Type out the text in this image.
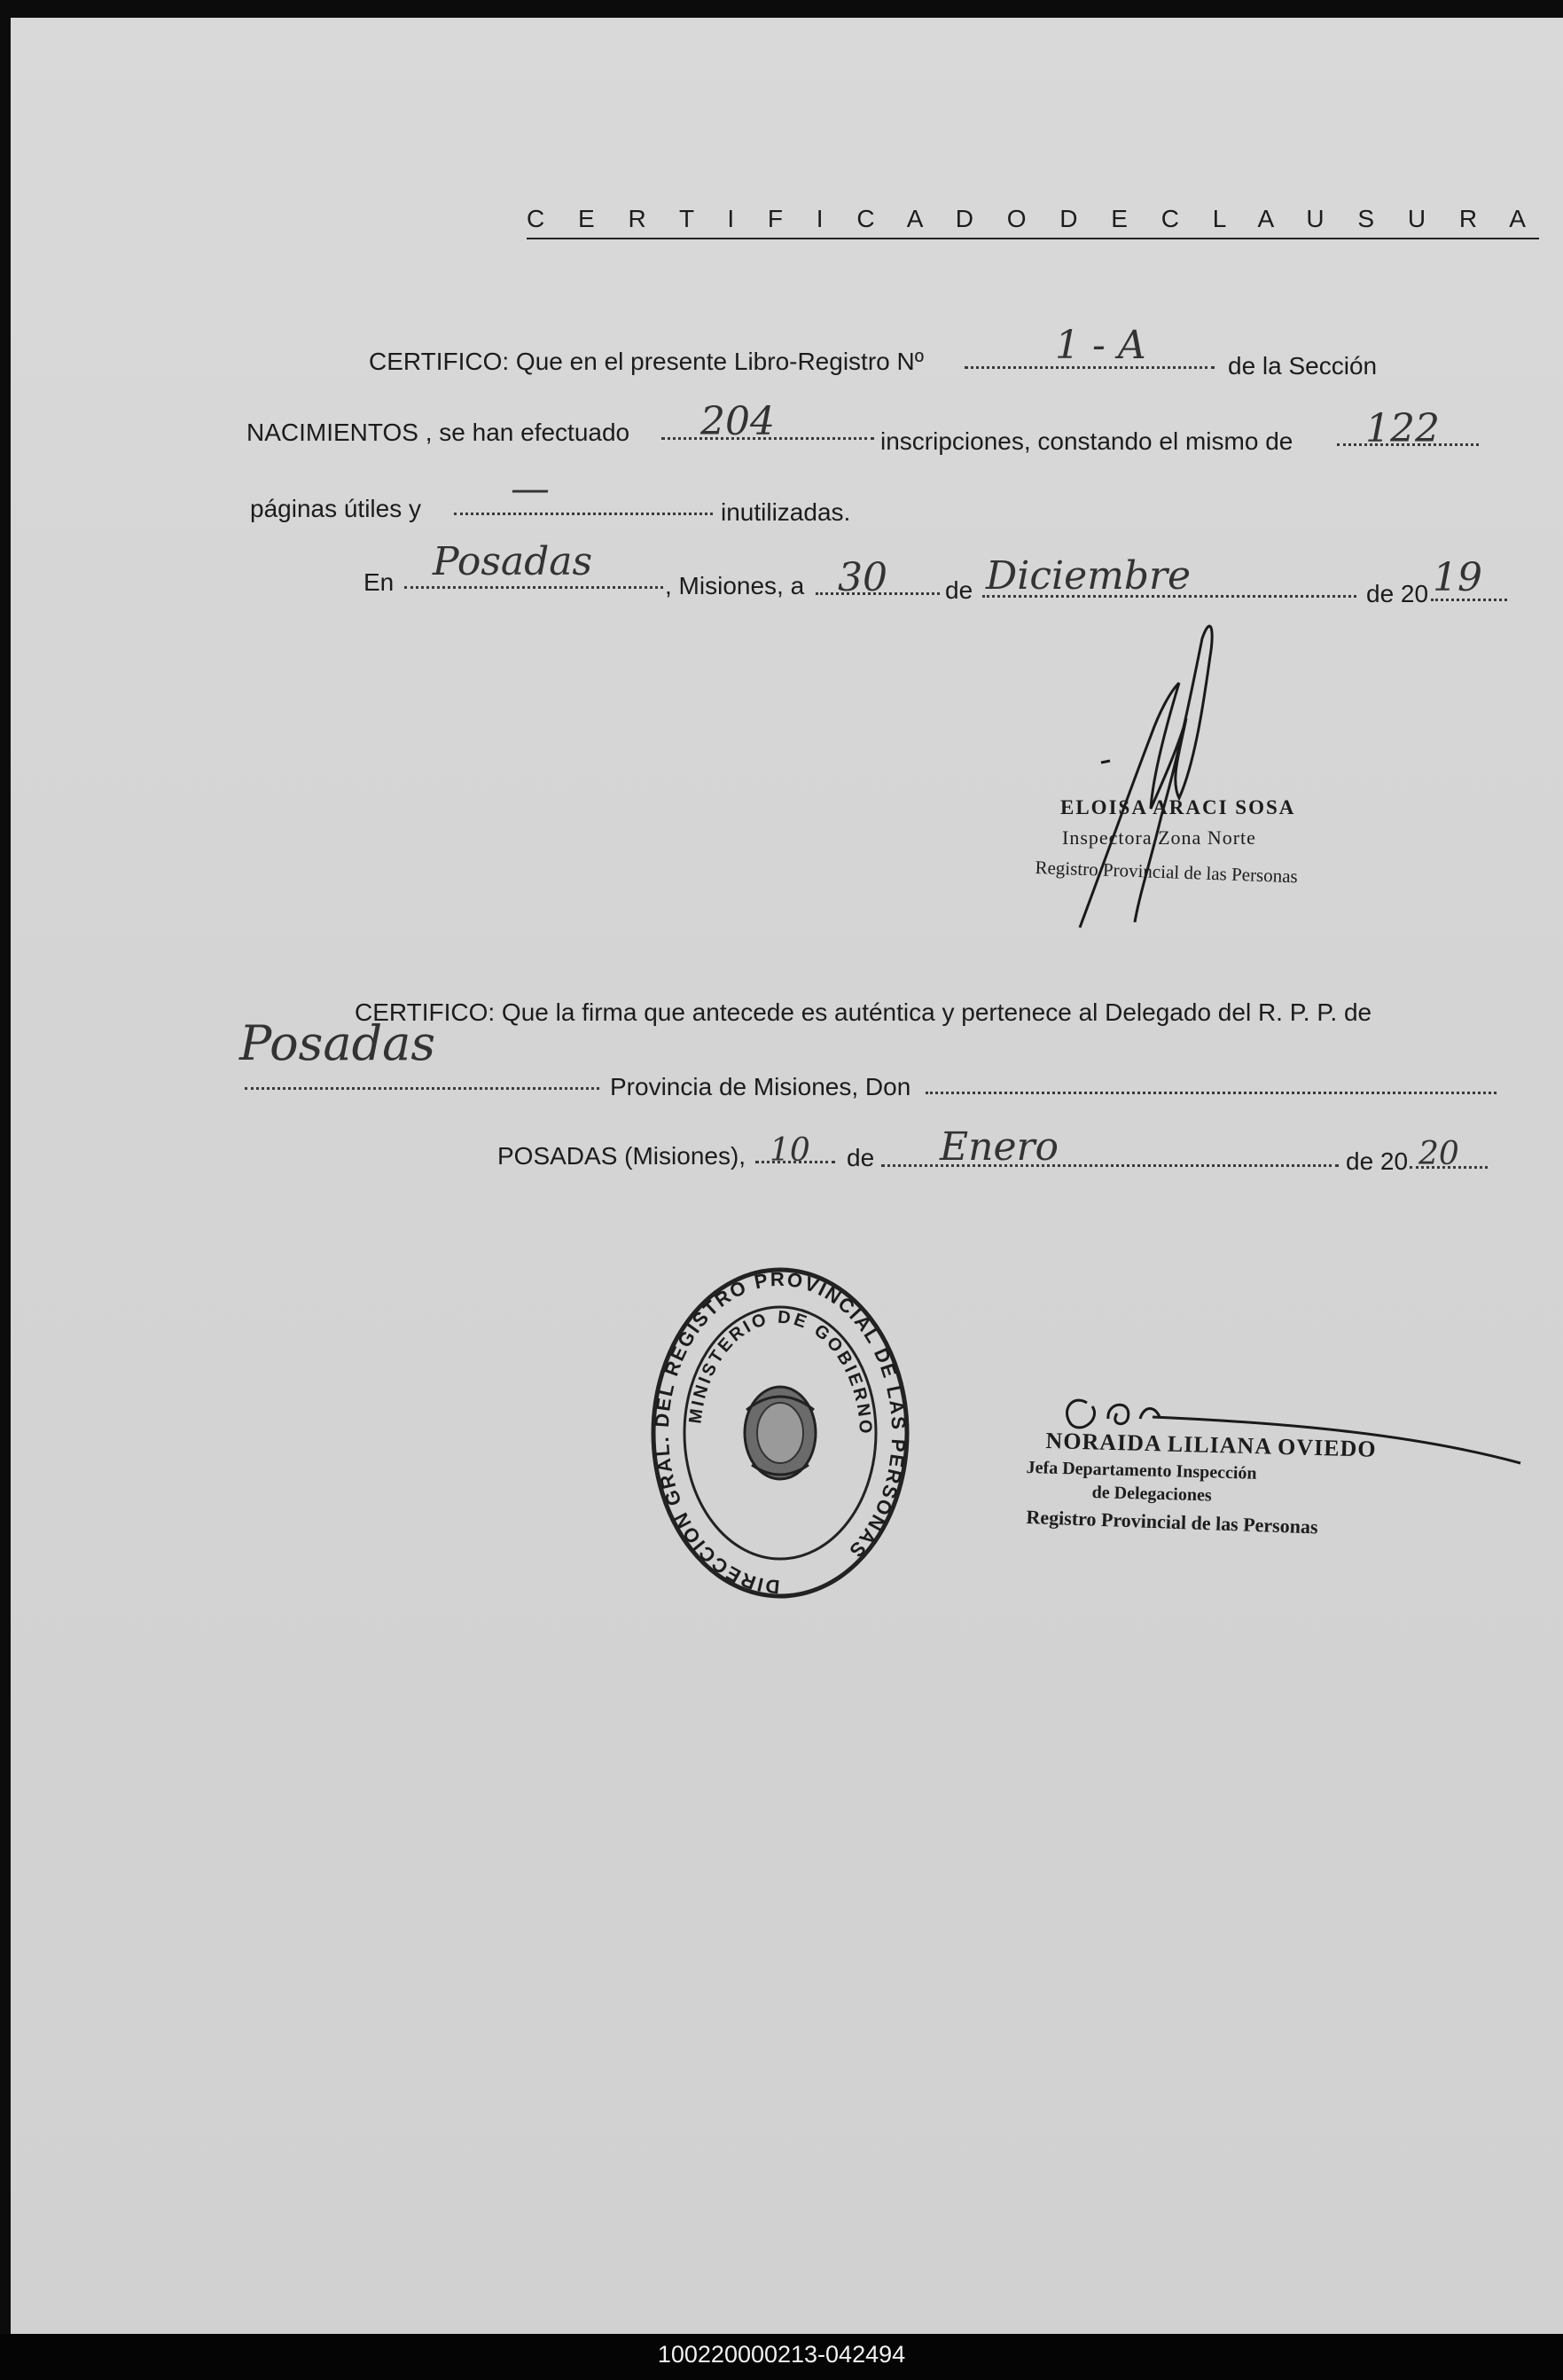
C E R T I F I C A D O D E C L A U S U R A
CERTIFICO: Que en el presente Libro-Registro Nº	1 - A	de la Sección
NACIMIENTOS , se han efectuado 204	inscripciones, constando el mismo de 122
páginas útiles y —
inutilizadas.
En Posadas
, Misiones, a 30 de Diciembre	de 20 19
ELOISA ARACI SOSA
Inspectora Zona Norte
Registro Provincial de las Personas
CERTIFICO: Que la firma que antecede es auténtica y pertenece al Delegado del R. P. P. de
Posadas
Provincia de Misiones, Don
POSADAS (Misiones), 10 de Enero	de 20 20
DIRECCION GRAL. DEL REGISTRO PROVINCIAL DE LAS PERSONAS
MINISTERIO DE GOBIERNO	NORAIDA LILIANA OVIEDO
Jefa Departamento Inspección
de Delegaciones
Registro Provincial de las Personas
100220000213-042494
